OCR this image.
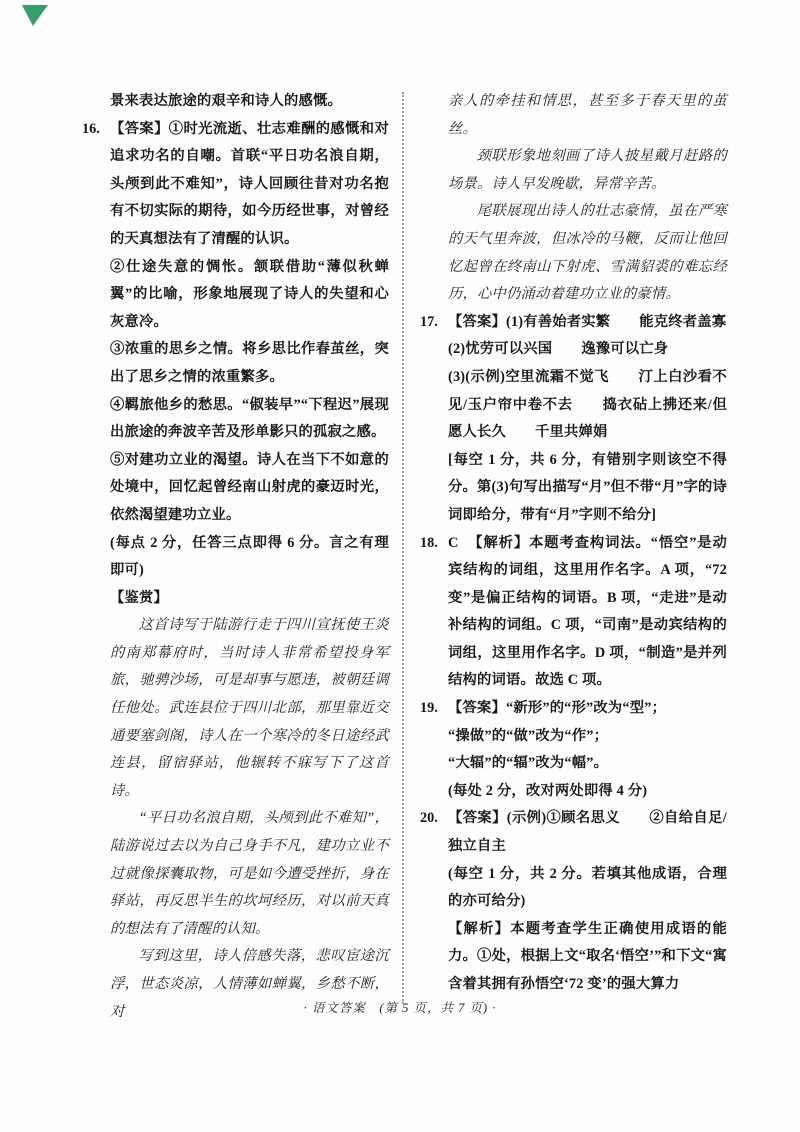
景来表达旅途的艰辛和诗人的感慨。

16. 【答案】①时光流逝、壮志难酬的感慨和对追求功名的自嘲。首联“平日功名浪自期，头颅到此不难知”，诗人回顾往昔对功名抱有不切实际的期待，如今历经世事，对曾经的天真想法有了清醒的认识。

②仕途失意的惆怅。颔联借助“薄似秋蝉翼”的比喻，形象地展现了诗人的失望和心灰意冷。

③浓重的思乡之情。将乡思比作春茧丝，突出了思乡之情的浓重繁多。

④羁旅他乡的愁思。“俶装早”“下程迟”展现出旅途的奔波辛苦及形单影只的孤寂之感。

⑤对建功立业的渴望。诗人在当下不如意的处境中，回忆起曾经南山射虎的豪迈时光，依然渴望建功立业。

(每点 2 分，任答三点即得 6 分。言之有理即可)

【鉴赏】

这首诗写于陆游行走于四川宣抚使王炎的南郑幕府时，当时诗人非常希望投身军旅，驰骋沙场，可是却事与愿违，被朝廷调任他处。武连县位于四川北部，那里靠近交通要塞剑阁，诗人在一个寒冷的冬日途经武连县，留宿驿站，他辗转不寐写下了这首诗。

“平日功名浪自期，头颅到此不难知”，陆游说过去以为自己身手不凡，建功立业不过就像探囊取物，可是如今遭受挫折，身在驿站，再反思半生的坎坷经历，对以前天真的想法有了清醒的认知。

写到这里，诗人倍感失落，悲叹宦途沉浮，世态炎凉，人情薄如蝉翼，乡愁不断，对

亲人的牵挂和情思，甚至多于春天里的茧丝。

颈联形象地刻画了诗人披星戴月赶路的场景。诗人早发晚歇，异常辛苦。

尾联展现出诗人的壮志豪情，虽在严寒的天气里奔波，但冰冷的马鞭，反而让他回忆起曾在终南山下射虎、雪满貂裘的难忘经历，心中仍涌动着建功立业的豪情。

17. 【答案】(1)有善始者实繁　　能克终者盖寡

(2)忧劳可以兴国　　逸豫可以亡身

(3)(示例)空里流霜不觉飞　　汀上白沙看不见/玉户帘中卷不去　　捣衣砧上拂还来/但愿人长久　　千里共婵娟

[每空 1 分，共 6 分，有错别字则该空不得分。第(3)句写出描写“月”但不带“月”字的诗词即给分，带有“月”字则不给分]

18. C 【解析】本题考查构词法。“悟空”是动宾结构的词组，这里用作名字。A 项，“72 变”是偏正结构的词语。B 项，“走进”是动补结构的词组。C 项，“司南”是动宾结构的词组，这里用作名字。D 项，“制造”是并列结构的词语。故选 C 项。

19. 【答案】“新形”的“形”改为“型”；

“操做”的“做”改为“作”；

“大辐”的“辐”改为“幅”。

(每处 2 分，改对两处即得 4 分)

20. 【答案】(示例)①顾名思义　　②自给自足/独立自主

(每空 1 分，共 2 分。若填其他成语，合理的亦可给分)

【解析】本题考查学生正确使用成语的能力。①处，根据上文“取名‘悟空’”和下文“寓含着其拥有孙悟空‘72 变’的强大算力

· 语文答案　(第 5 页，共 7 页) ·
